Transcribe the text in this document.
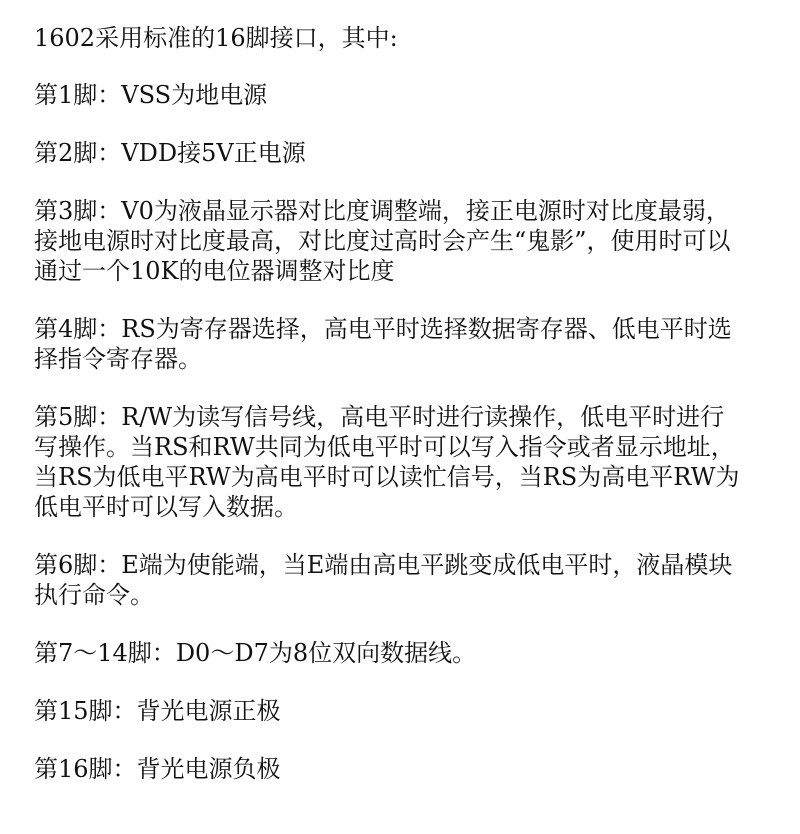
1602采用标准的16脚接口，其中:
第1脚：VSS为地电源
第2脚：VDD接5V正电源
第3脚：V0为液晶显示器对比度调整端，接正电源时对比度最弱，接地电源时对比度最高，对比度过高时会产生“鬼影”，使用时可以通过一个10K的电位器调整对比度
第4脚：RS为寄存器选择，高电平时选择数据寄存器、低电平时选择指令寄存器。
第5脚：R/W为读写信号线，高电平时进行读操作，低电平时进行写操作。当RS和RW共同为低电平时可以写入指令或者显示地址，当RS为低电平RW为高电平时可以读忙信号，当RS为高电平RW为低电平时可以写入数据。
第6脚：E端为使能端，当E端由高电平跳变成低电平时，液晶模块执行命令。
第7～14脚：D0～D7为8位双向数据线。
第15脚：背光电源正极
第16脚：背光电源负极
